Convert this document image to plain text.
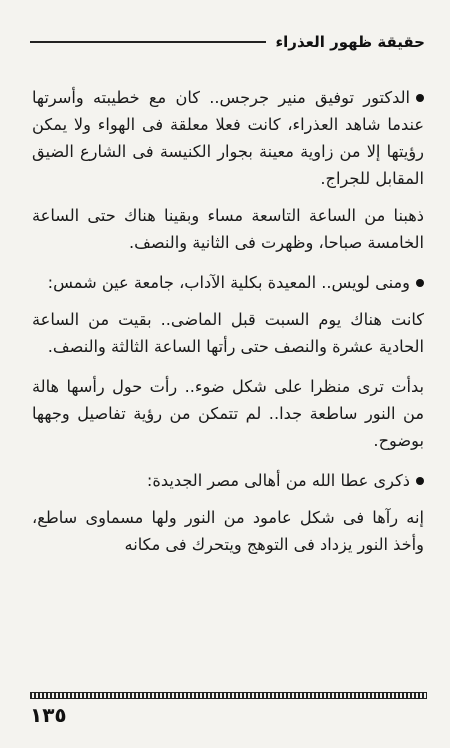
حقيقة ظهور العذراء

الدكتور توفيق منير جرجس.. كان مع خطيبته وأسرتها عندما شاهد العذراء، كانت فعلا معلقة فى الهواء ولا يمكن رؤيتها إلا من زاوية معينة بجوار الكنيسة فى الشارع الضيق المقابل للجراج.

ذهبنا من الساعة التاسعة مساء وبقينا هناك حتى الساعة الخامسة صباحا، وظهرت فى الثانية والنصف.

ومنى لويس.. المعيدة بكلية الآداب، جامعة عين شمس:

كانت هناك يوم السبت قبل الماضى.. بقيت من الساعة الحادية عشرة والنصف حتى رأتها الساعة الثالثة والنصف.

بدأت ترى منظرا على شكل ضوء.. رأت حول رأسها هالة من النور ساطعة جدا.. لم تتمكن من رؤية تفاصيل وجهها بوضوح.

ذكرى عطا الله من أهالى مصر الجديدة:

إنه رآها فى شكل عامود من النور ولها مسماوى ساطع، وأخذ النور يزداد فى التوهج ويتحرك فى مكانه

١٣٥
